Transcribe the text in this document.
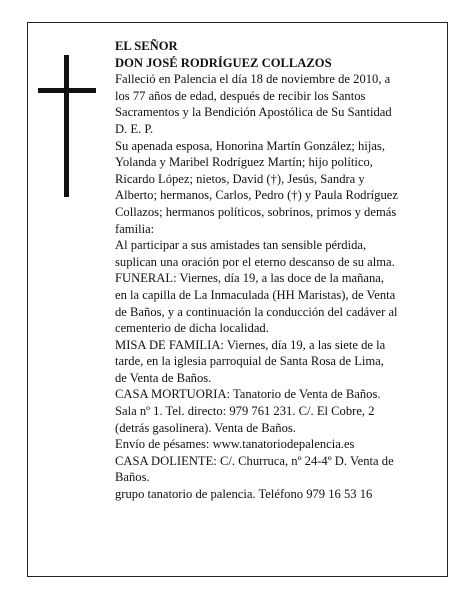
EL SEÑOR
DON JOSÉ RODRÍGUEZ COLLAZOS
Falleció en Palencia el día 18 de noviembre de 2010, a
los 77 años de edad, después de recibir los Santos
Sacramentos y la Bendición Apostólica de Su Santidad
D. E. P.
Su apenada esposa, Honorina Martín González; hijas,
Yolanda y Maribel Rodríguez Martín; hijo político,
Ricardo López; nietos, David (†), Jesús, Sandra y
Alberto; hermanos, Carlos, Pedro (†) y Paula Rodríguez
Collazos; hermanos políticos, sobrinos, primos y demás
familia:
Al participar a sus amistades tan sensible pérdida,
suplican una oración por el eterno descanso de su alma.
FUNERAL: Viernes, día 19, a las doce de la mañana,
en la capilla de La Inmaculada (HH Maristas), de Venta
de Baños, y a continuación la conducción del cadáver al
cementerio de dicha localidad.
MISA DE FAMILIA: Viernes, día 19, a las siete de la
tarde, en la iglesia parroquial de Santa Rosa de Lima,
de Venta de Baños.
CASA MORTUORIA: Tanatorio de Venta de Baños.
Sala nº 1. Tel. directo: 979 761 231. C/. El Cobre, 2
(detrás gasolinera). Venta de Baños.
Envío de pésames: www.tanatoriodepalencia.es
CASA DOLIENTE: C/. Churruca, nº 24-4º D. Venta de
Baños.
grupo tanatorio de palencia. Teléfono 979 16 53 16
